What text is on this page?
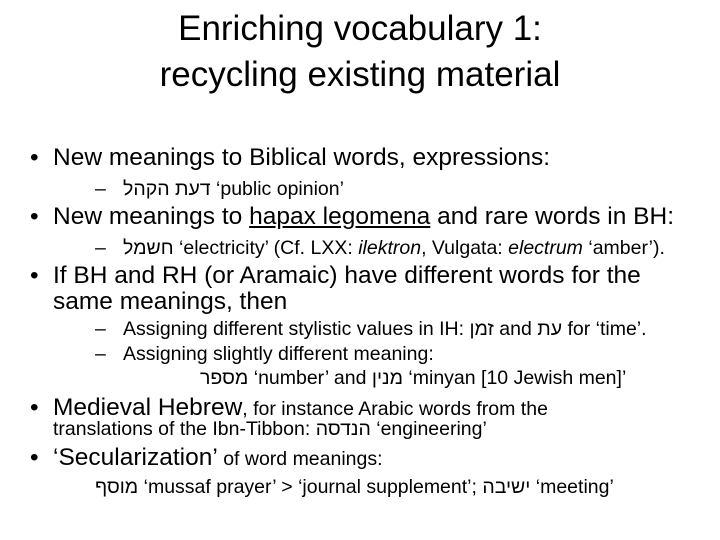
Enriching vocabulary 1:
recycling existing material
• New meanings to Biblical words, expressions:
– דעת הקהל ‘public opinion’
• New meanings to hapax legomena and rare words in BH:
– חשמל ‘electricity’ (Cf. LXX: ilektron, Vulgata: electrum ‘amber’).
• If BH and RH (or Aramaic) have different words for the
same meanings, then
– Assigning different stylistic values in IH: זמן and עת for ‘time’.
– Assigning slightly different meaning:
מספר ‘number’ and מנין ‘minyan [10 Jewish men]’
• Medieval Hebrew, for instance Arabic words from the
translations of the Ibn-Tibbon: הנדסה ‘engineering’
• ‘Secularization’ of word meanings:
מוסף ‘mussaf prayer’ > ‘journal supplement’; ישיבה ‘meeting’
